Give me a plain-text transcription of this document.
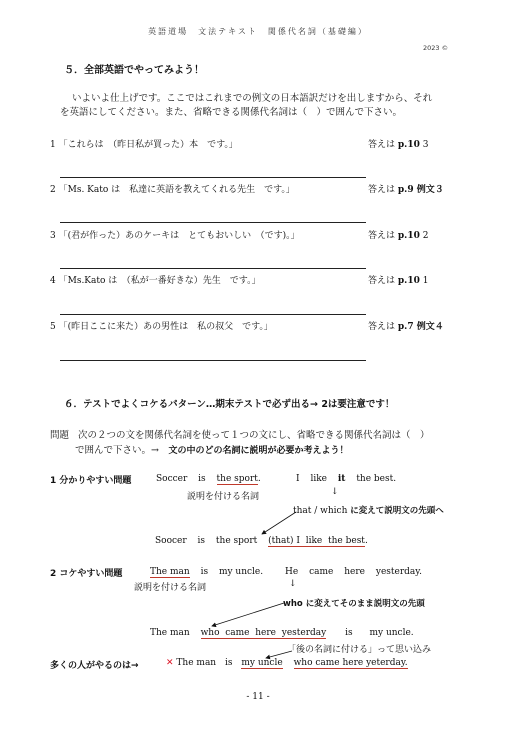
英語道場　文法テキスト　関係代名詞（基礎編）
2023 ©
５．全部英語でやってみよう！
いよいよ仕上げです。ここではこれまでの例文の日本語訳だけを出しますから、それ
を英語にしてください。また、省略できる関係代名詞は（　）で囲んで下さい。
1 「これらは　（昨日私が買った）本　です。」	答えは p.10 3
2 「Ms. Kato は　私達に英語を教えてくれる先生　です。」	答えは p.9 例文３
3 「(君が作った）あのケーキは　とてもおいしい　（です)。」	答えは p.10 2
4 「Ms.Kato は　（私が一番好きな）先生　です。」	答えは p.10 1
5 「(昨日ここに来た）あの男性は　私の叔父　です。」	答えは p.7 例文４
６．テストでよくコケるパターン…期末テストで必ず出る→ 2は要注意です！
問題 次の２つの文を関係代名詞を使って１つの文にし、省略できる関係代名詞は（　）
で囲んで下さい。→　文の中のどの名詞に説明が必要か考えよう！
1 分かりやすい問題	Soccer is the sport.	I like it the best.
説明を付ける名詞	↓
that / which に変えて説明文の先頭へ
Soocer is the sport (that) I like the best.
2 コケやすい問題	The man is my uncle. He came here yesterday.
説明を付ける名詞	↓
who に変えてそのまま説明文の先頭
The man who came here yesterday is my uncle.
「後の名詞に付ける」って思い込み
多くの人がやるのは→	✕ The man is my uncle who came here yeterday.
- 11 -
